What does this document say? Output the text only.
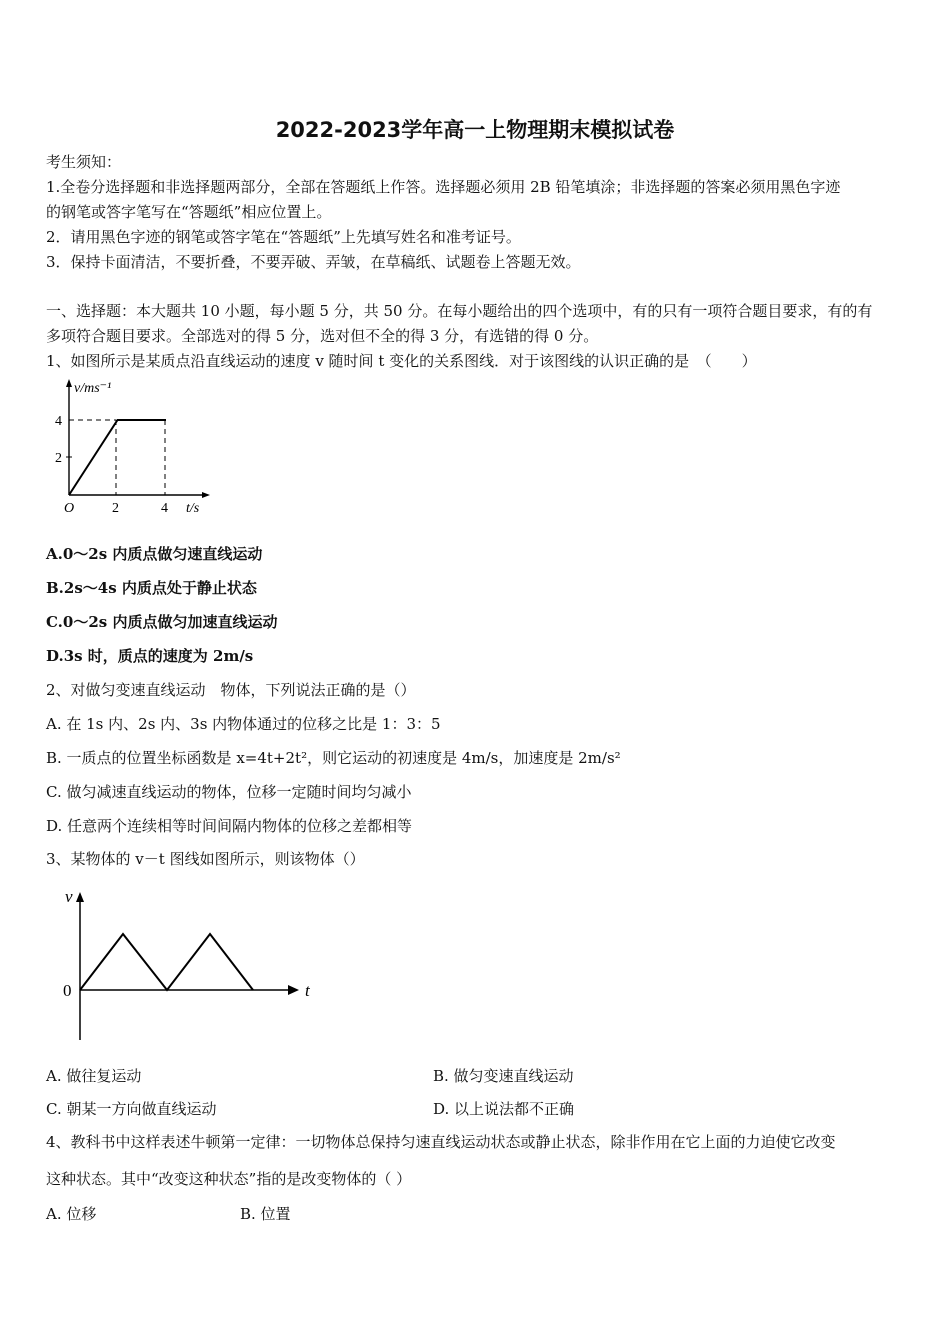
2022-2023学年高一上物理期末模拟试卷
考生须知：
1.全卷分选择题和非选择题两部分，全部在答题纸上作答。选择题必须用 2B 铅笔填涂；非选择题的答案必须用黑色字迹
的钢笔或答字笔写在“答题纸”相应位置上。
2．请用黑色字迹的钢笔或答字笔在“答题纸”上先填写姓名和准考证号。
3．保持卡面清洁，不要折叠，不要弄破、弄皱，在草稿纸、试题卷上答题无效。
一、选择题：本大题共 10 小题，每小题 5 分，共 50 分。在每小题给出的四个选项中，有的只有一项符合题目要求，有的有
多项符合题目要求。全部选对的得 5 分，选对但不全的得 3 分，有选错的得 0 分。
1、如图所示是某质点沿直线运动的速度 v 随时间 t 变化的关系图线．对于该图线的认识正确的是　（　　）
v/ms⁻¹
4
2
O	2	4 t/s
A.0～2s 内质点做匀速直线运动
B.2s～4s 内质点处于静止状态
C.0～2s 内质点做匀加速直线运动
D.3s 时，质点的速度为 2m/s
2、对做匀变速直线运动　物体，下列说法正确的是（）
A. 在 1s 内、2s 内、3s 内物体通过的位移之比是 1：3：5
B. 一质点的位置坐标函数是 x=4t+2t²，则它运动的初速度是 4m/s，加速度是 2m/s²
C. 做匀减速直线运动的物体，位移一定随时间均匀减小
D. 任意两个连续相等时间间隔内物体的位移之差都相等
3、某物体的 v－t 图线如图所示，则该物体（）
v
0	t
A. 做往复运动	B. 做匀变速直线运动
C. 朝某一方向做直线运动	D. 以上说法都不正确
4、教科书中这样表述牛顿第一定律：一切物体总保持匀速直线运动状态或静止状态，除非作用在它上面的力迫使它改变
这种状态。其中“改变这种状态”指的是改变物体的（ ）
A. 位移	B. 位置
